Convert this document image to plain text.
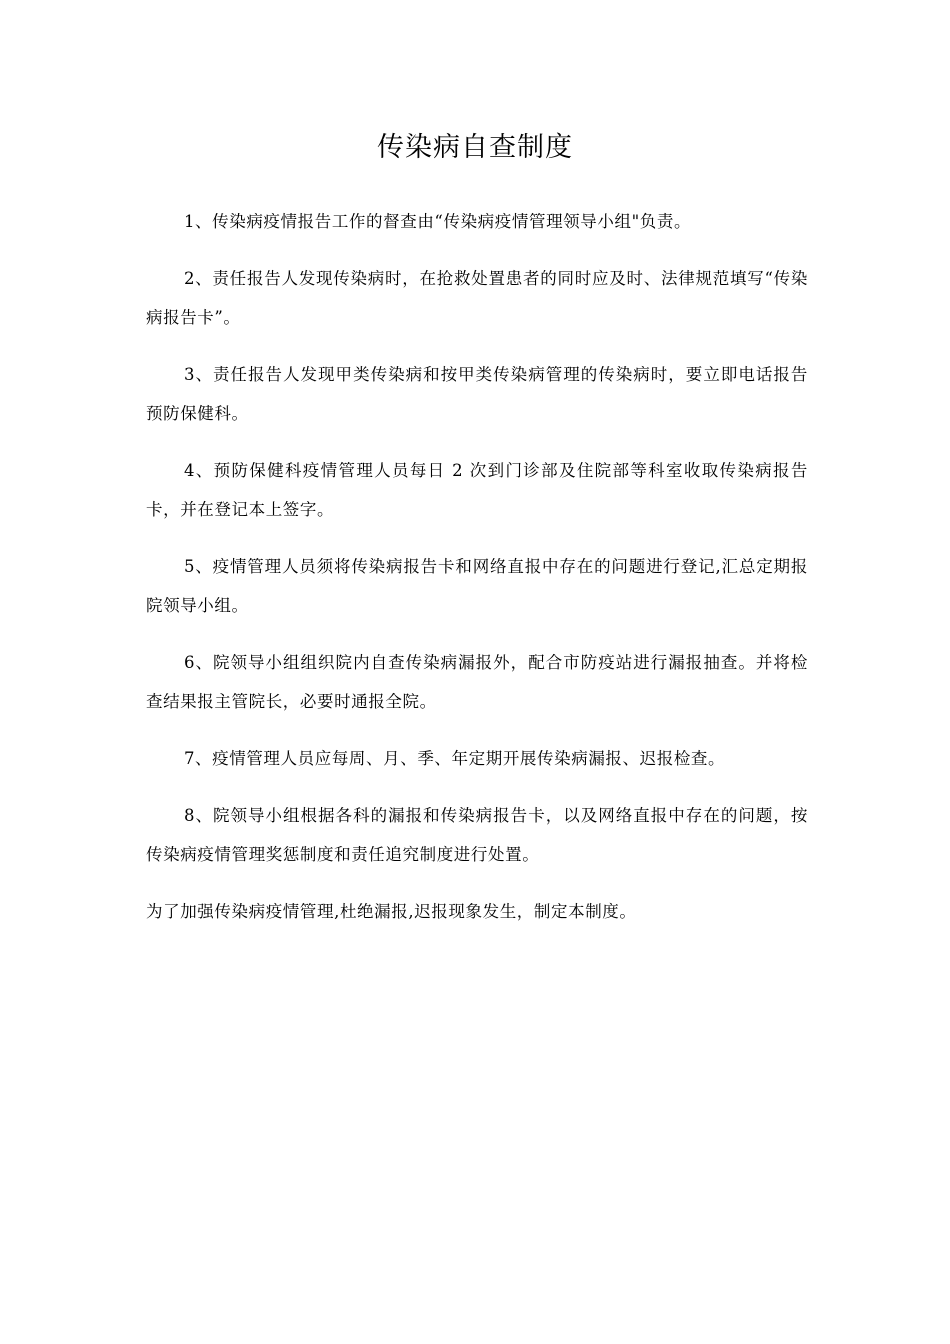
传染病自查制度

1、传染病疫情报告工作的督查由“传染病疫情管理领导小组"负责。

2、责任报告人发现传染病时，在抢救处置患者的同时应及时、法律规范填写“传染病报告卡”。

3、责任报告人发现甲类传染病和按甲类传染病管理的传染病时，要立即电话报告预防保健科。

4、预防保健科疫情管理人员每日 2 次到门诊部及住院部等科室收取传染病报告卡，并在登记本上签字。

5、疫情管理人员须将传染病报告卡和网络直报中存在的问题进行登记,汇总定期报院领导小组。

6、院领导小组组织院内自查传染病漏报外，配合市防疫站进行漏报抽查。并将检查结果报主管院长，必要时通报全院。

7、疫情管理人员应每周、月、季、年定期开展传染病漏报、迟报检查。

8、院领导小组根据各科的漏报和传染病报告卡，以及网络直报中存在的问题，按传染病疫情管理奖惩制度和责任追究制度进行处置。

为了加强传染病疫情管理,杜绝漏报,迟报现象发生，制定本制度。
